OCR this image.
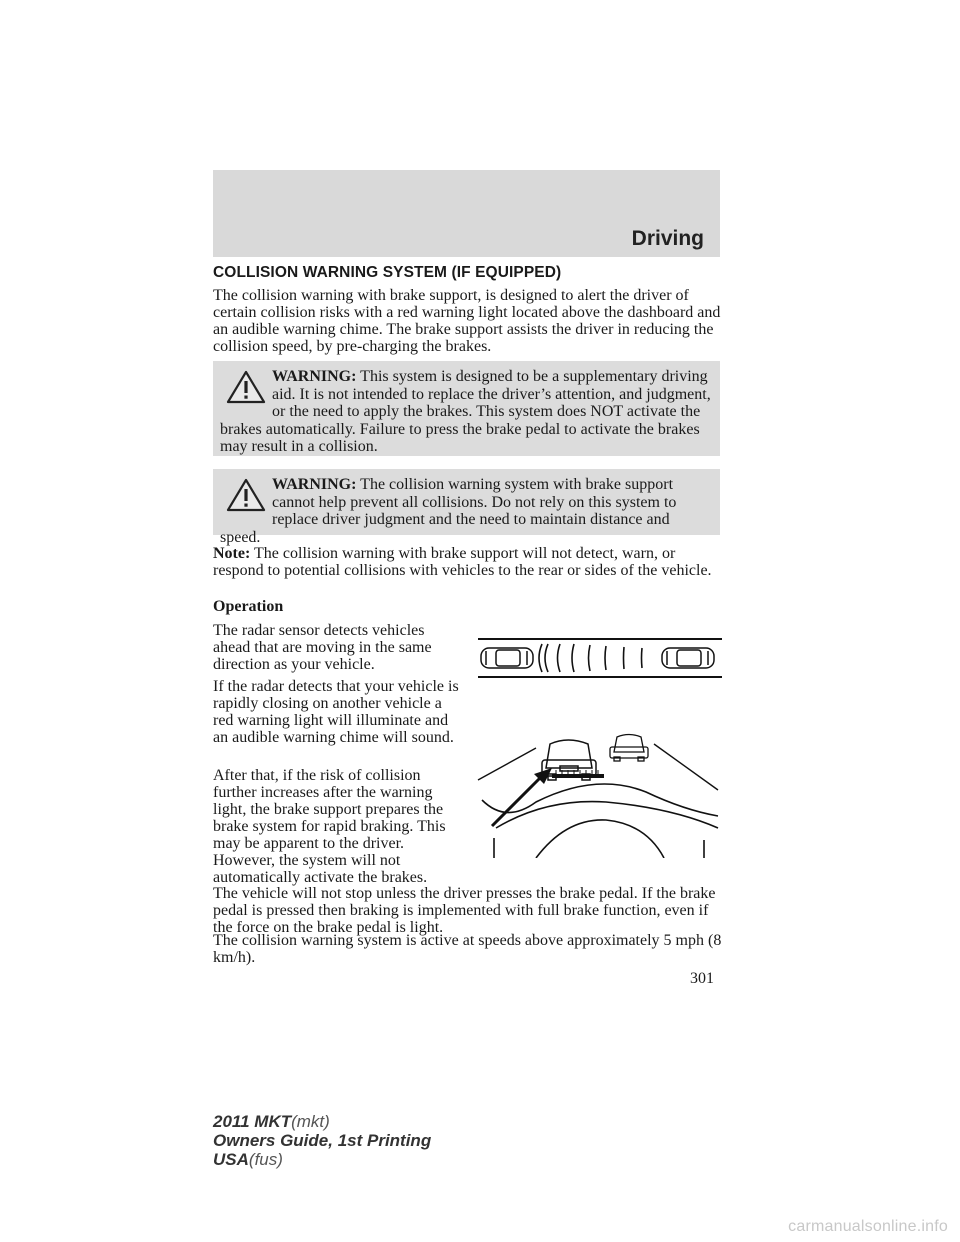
Driving
COLLISION WARNING SYSTEM (IF EQUIPPED)

The collision warning with brake support, is designed to alert the driver of certain collision risks with a red warning light located above the dashboard and an audible warning chime. The brake support assists the driver in reducing the collision speed, by pre-charging the brakes.

WARNING: This system is designed to be a supplementary driving aid. It is not intended to replace the driver’s attention, and judgment, or the need to apply the brakes. This system does NOT activate the brakes automatically. Failure to press the brake pedal to activate the brakes may result in a collision.
WARNING: The collision warning system with brake support cannot help prevent all collisions. Do not rely on this system to replace driver judgment and the need to maintain distance and speed.

Note: The collision warning with brake support will not detect, warn, or respond to potential collisions with vehicles to the rear or sides of the vehicle.

Operation

The radar sensor detects vehicles ahead that are moving in the same direction as your vehicle.

If the radar detects that your vehicle is rapidly closing on another vehicle a red warning light will illuminate and an audible warning chime will sound.

After that, if the risk of collision further increases after the warning light, the brake support prepares the brake system for rapid braking. This may be apparent to the driver. However, the system will not automatically activate the brakes.

The vehicle will not stop unless the driver presses the brake pedal. If the brake pedal is pressed then braking is implemented with full brake function, even if the force on the brake pedal is light.

The collision warning system is active at speeds above approximately 5 mph (8 km/h).

301
2011 MKT(mkt)
Owners Guide, 1st Printing
USA(fus)
carmanualsonline.info
